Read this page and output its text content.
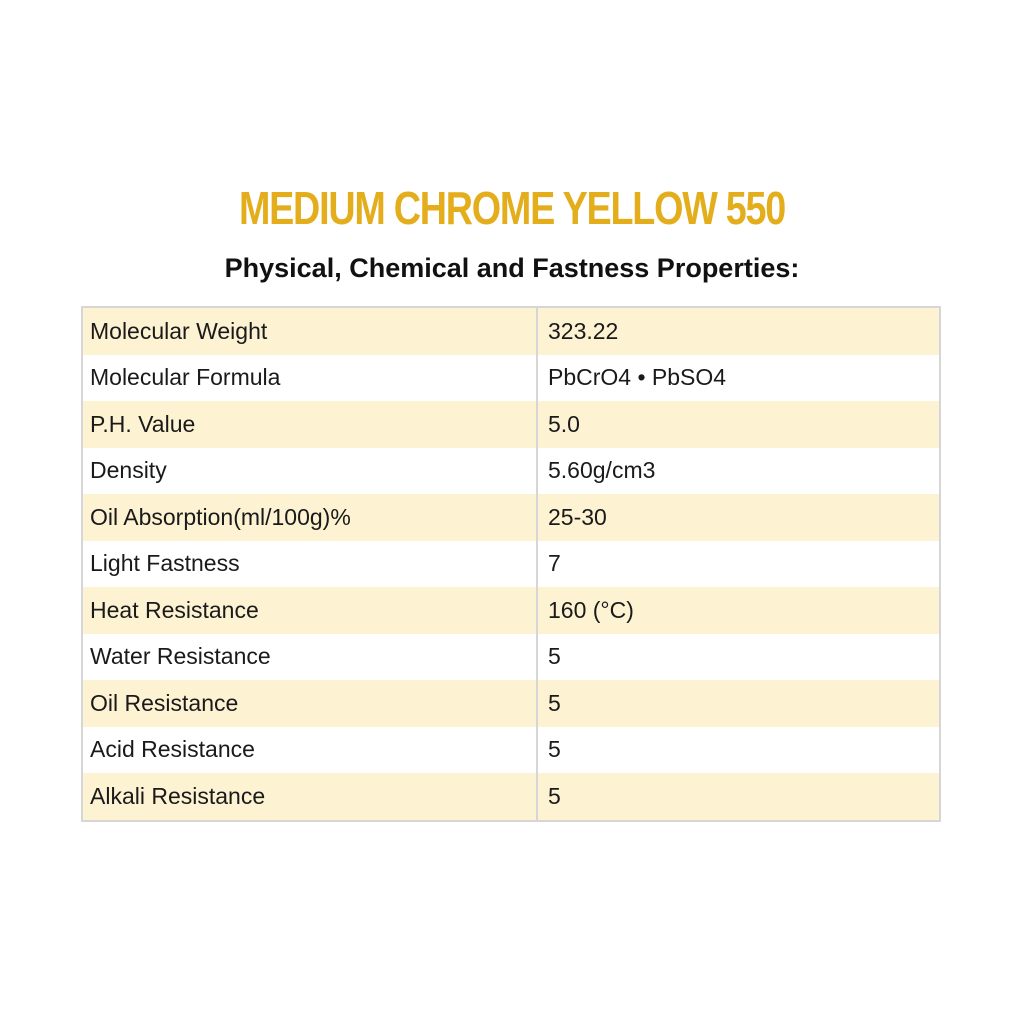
MEDIUM CHROME YELLOW 550
Physical, Chemical and Fastness Properties:
Molecular Weight	323.22
Molecular Formula	PbCrO4 • PbSO4
P.H. Value	5.0
Density	5.60g/cm3
Oil Absorption(ml/100g)%	25-30
Light Fastness	7
Heat Resistance	160 (°C)
Water Resistance	5
Oil Resistance	5
Acid Resistance	5
Alkali Resistance	5
